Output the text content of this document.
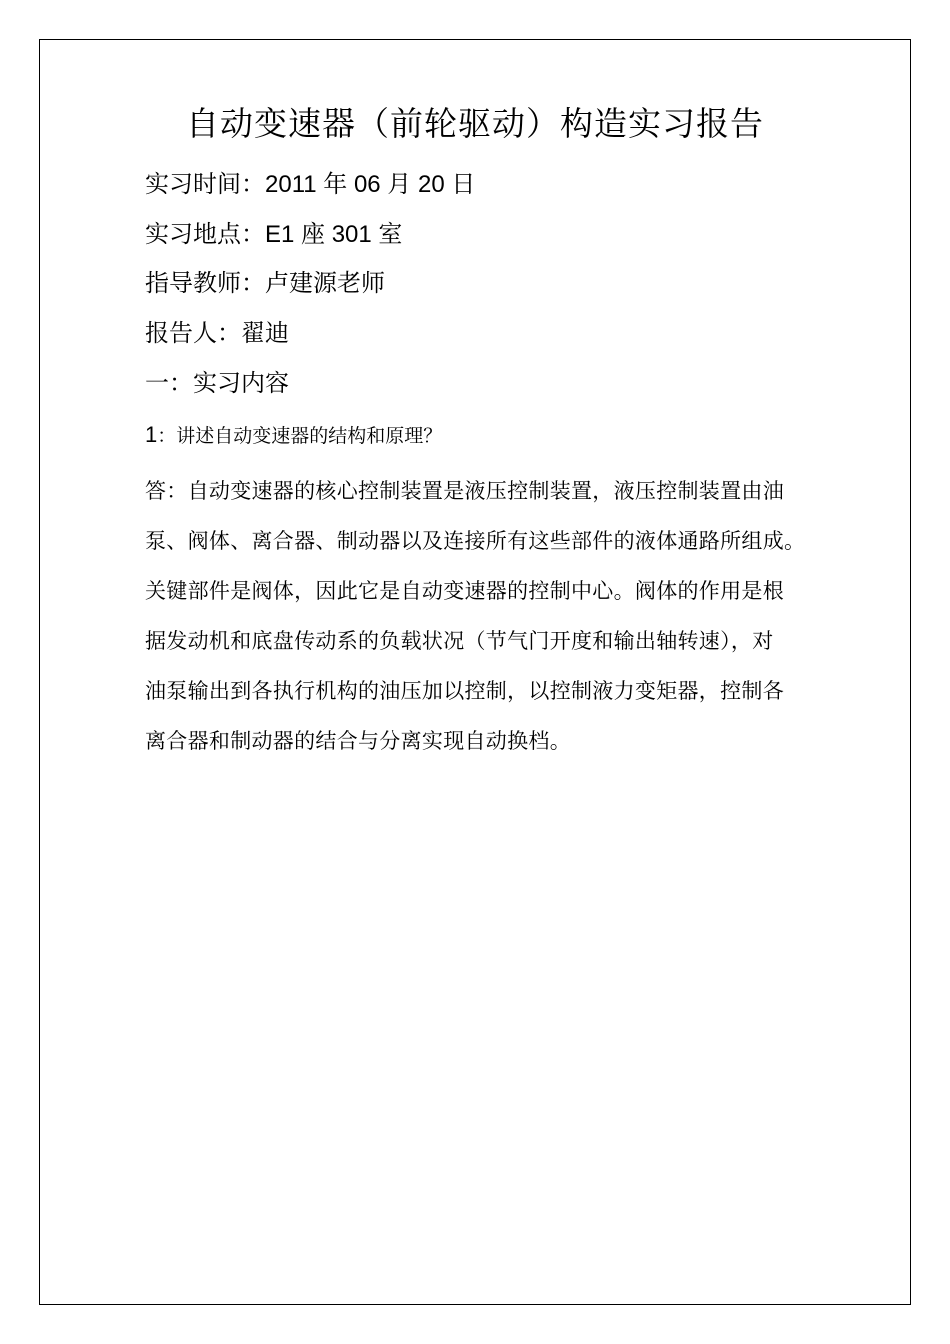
自动变速器（前轮驱动）构造实习报告
实习时间：2011 年 06 月 20 日
实习地点：E1 座 301 室
指导教师：卢建源老师
报告人：翟迪
一：实习内容
1：讲述自动变速器的结构和原理？
答：自动变速器的核心控制装置是液压控制装置，液压控制装置由油
泵、阀体、离合器、制动器以及连接所有这些部件的液体通路所组成。
关键部件是阀体，因此它是自动变速器的控制中心。阀体的作用是根
据发动机和底盘传动系的负载状况（节气门开度和输出轴转速），对
油泵输出到各执行机构的油压加以控制，以控制液力变矩器，控制各
离合器和制动器的结合与分离实现自动换档。
